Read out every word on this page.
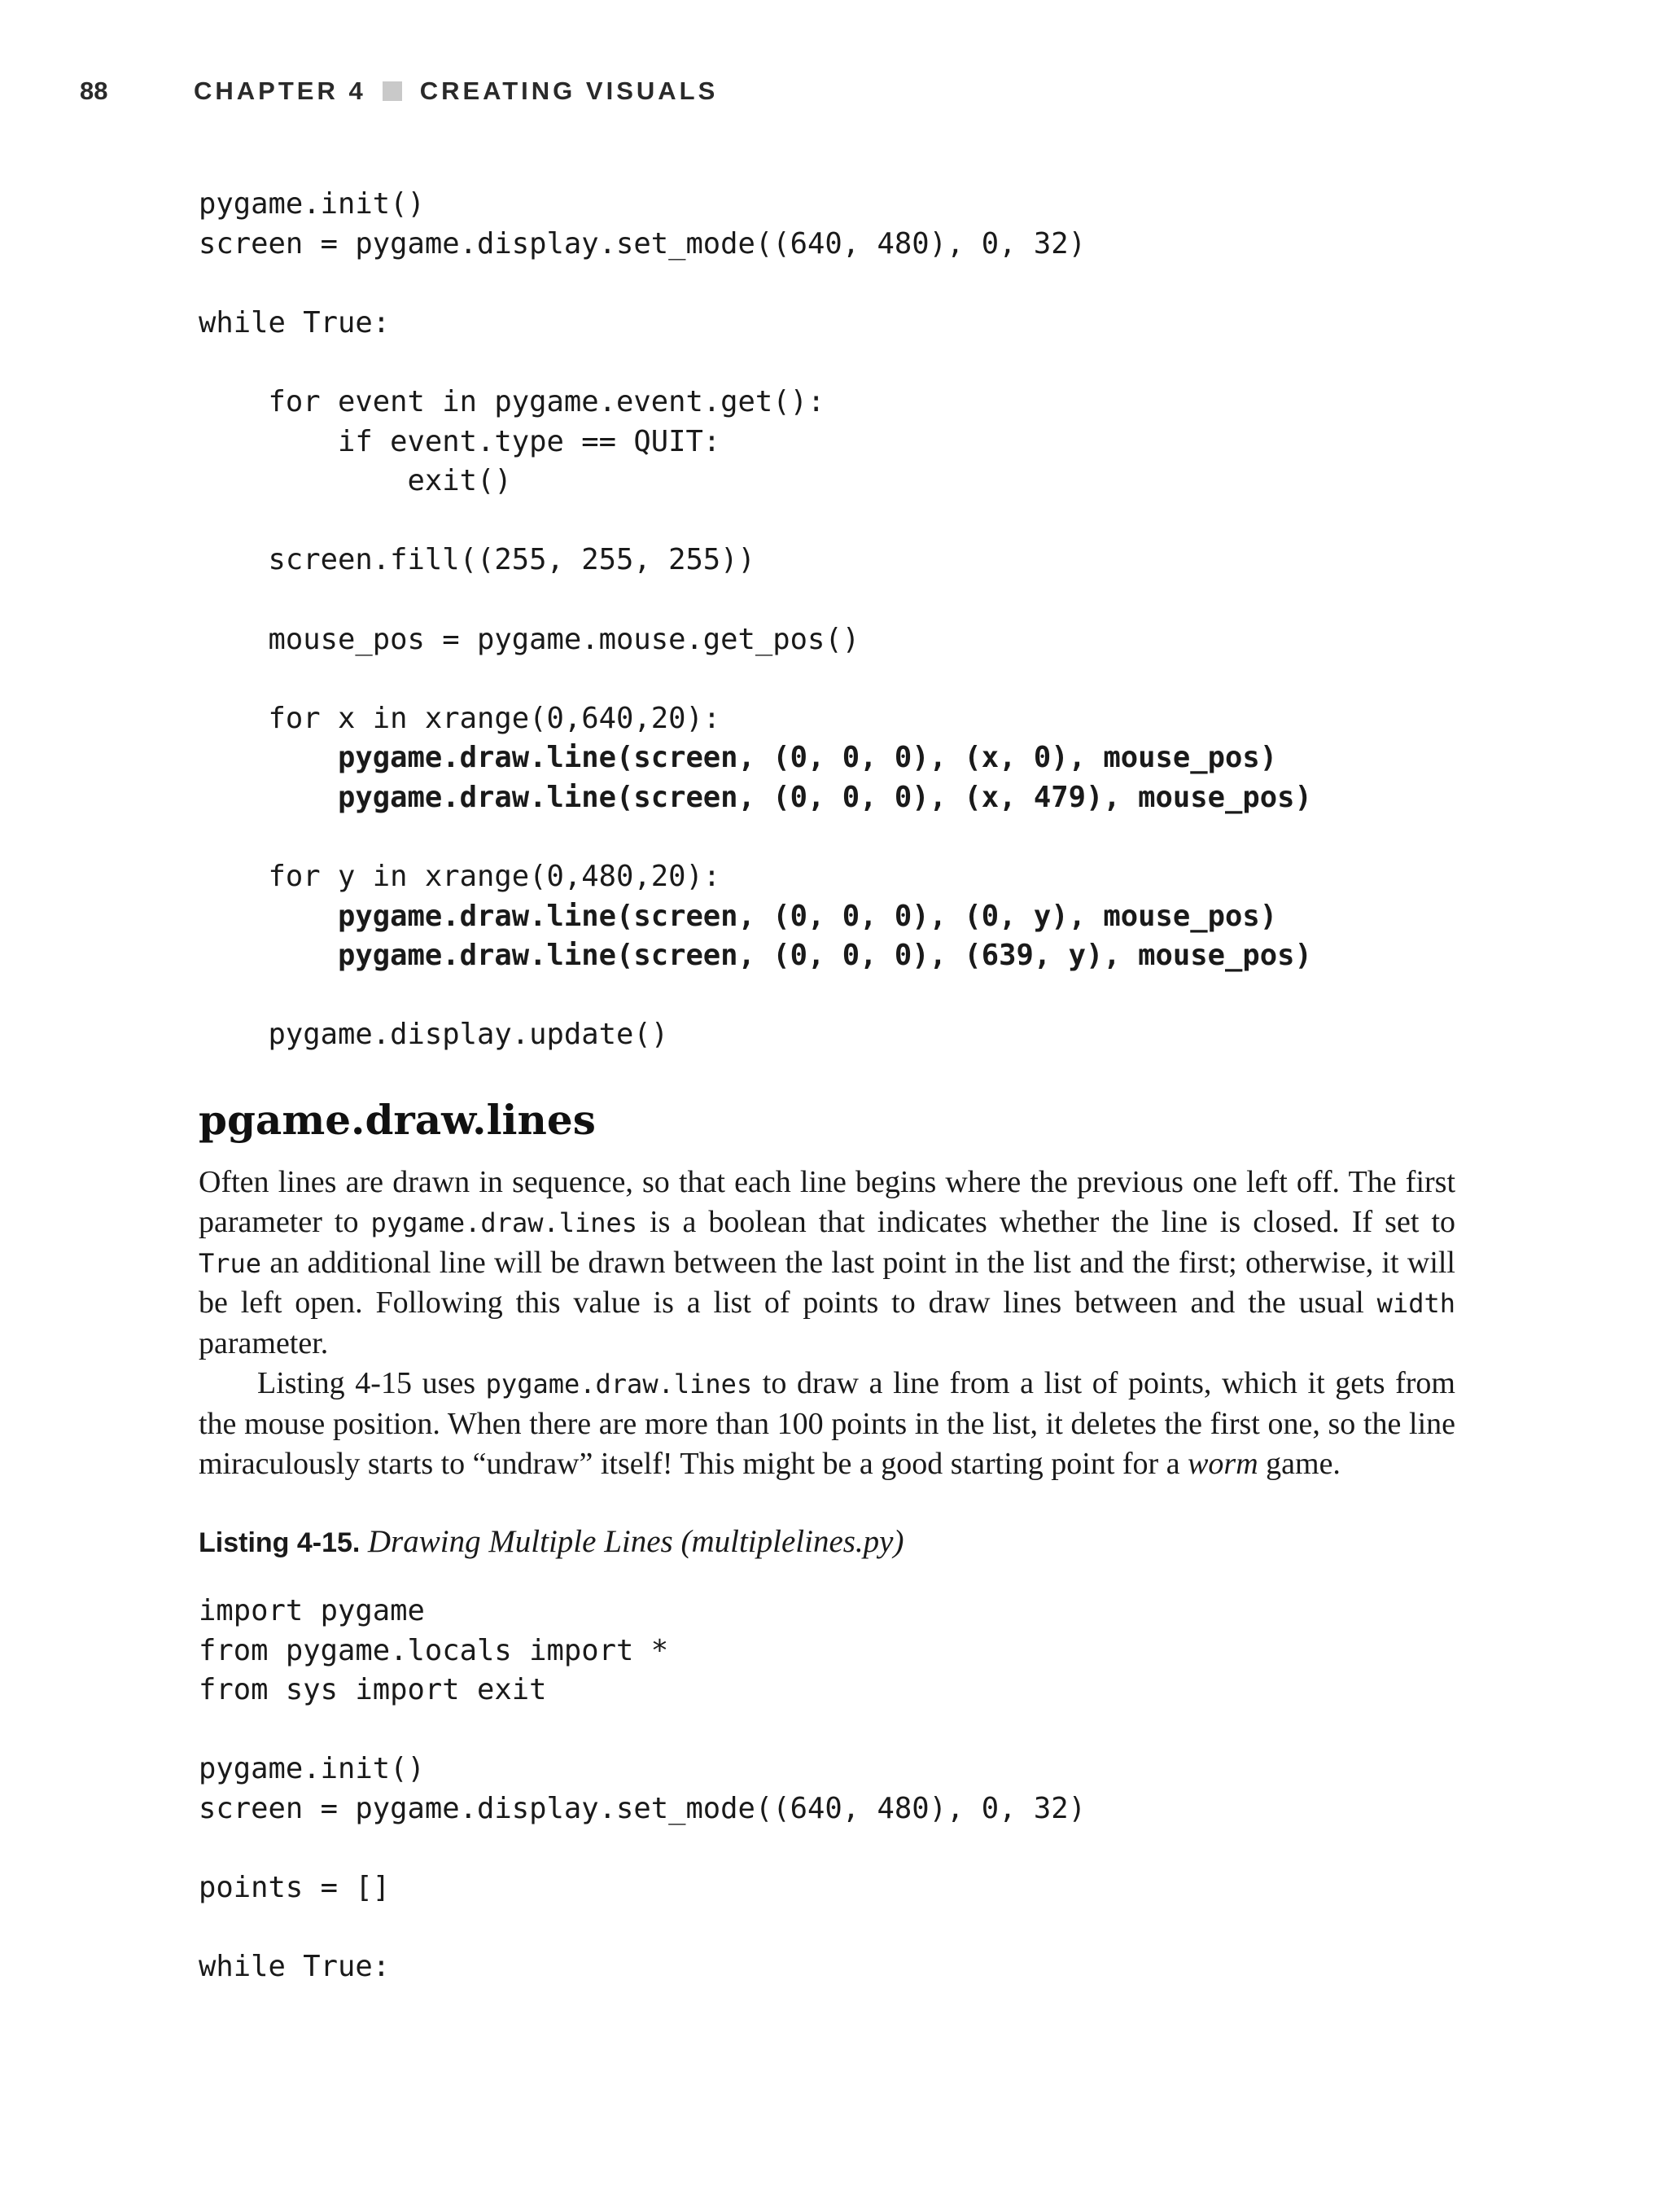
88	CHAPTER 4 CREATING VISUALS
pygame.init()
screen = pygame.display.set_mode((640, 480), 0, 32)
while True:
for event in pygame.event.get():
if event.type == QUIT:
exit()
screen.fill((255, 255, 255))
mouse_pos = pygame.mouse.get_pos()
for x in xrange(0,640,20):
pygame.draw.line(screen, (0, 0, 0), (x, 0), mouse_pos)
pygame.draw.line(screen, (0, 0, 0), (x, 479), mouse_pos)
for y in xrange(0,480,20):
pygame.draw.line(screen, (0, 0, 0), (0, y), mouse_pos)
pygame.draw.line(screen, (0, 0, 0), (639, y), mouse_pos)
pygame.display.update()
pgame.draw.lines

Often lines are drawn in sequence, so that each line begins where the previous one left off. The first parameter to pygame.draw.lines is a boolean that indicates whether the line is closed. If set to True an additional line will be drawn between the last point in the list and the first; otherwise, it will be left open. Following this value is a list of points to draw lines between and the usual width parameter.

Listing 4-15 uses pygame.draw.lines to draw a line from a list of points, which it gets from the mouse position. When there are more than 100 points in the list, it deletes the first one, so the line miraculously starts to “undraw” itself! This might be a good starting point for a worm game.

Listing 4-15. Drawing Multiple Lines (multiplelines.py)

import pygame
from pygame.locals import *
from sys import exit
pygame.init()
screen = pygame.display.set_mode((640, 480), 0, 32)
points = []
while True:
